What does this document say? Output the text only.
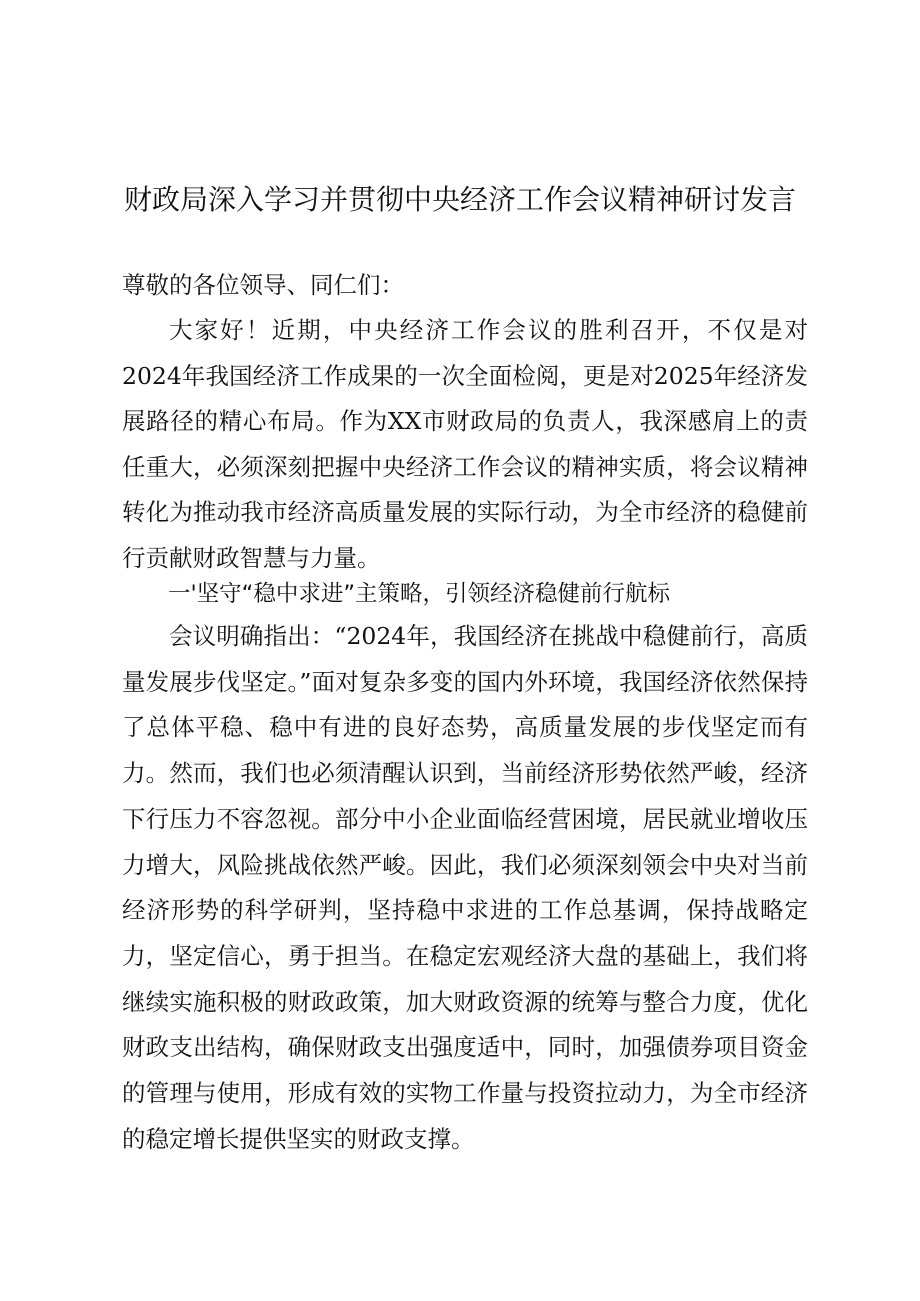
财政局深入学习并贯彻中央经济工作会议精神研讨发言
尊敬的各位领导、同仁们：
大家好！近期，中央经济工作会议的胜利召开，不仅是对2024年我国经济工作成果的一次全面检阅，更是对2025年经济发展路径的精心布局。作为XX市财政局的负责人，我深感肩上的责任重大，必须深刻把握中央经济工作会议的精神实质，将会议精神转化为推动我市经济高质量发展的实际行动，为全市经济的稳健前行贡献财政智慧与力量。
一'坚守“稳中求进”主策略，引领经济稳健前行航标
会议明确指出：“2024年，我国经济在挑战中稳健前行，高质量发展步伐坚定。”面对复杂多变的国内外环境，我国经济依然保持了总体平稳、稳中有进的良好态势，高质量发展的步伐坚定而有力。然而，我们也必须清醒认识到，当前经济形势依然严峻，经济下行压力不容忽视。部分中小企业面临经营困境，居民就业增收压力增大，风险挑战依然严峻。因此，我们必须深刻领会中央对当前经济形势的科学研判，坚持稳中求进的工作总基调，保持战略定力，坚定信心，勇于担当。在稳定宏观经济大盘的基础上，我们将继续实施积极的财政政策，加大财政资源的统筹与整合力度，优化财政支出结构，确保财政支出强度适中，同时，加强债券项目资金的管理与使用，形成有效的实物工作量与投资拉动力，为全市经济的稳定增长提供坚实的财政支撑。
